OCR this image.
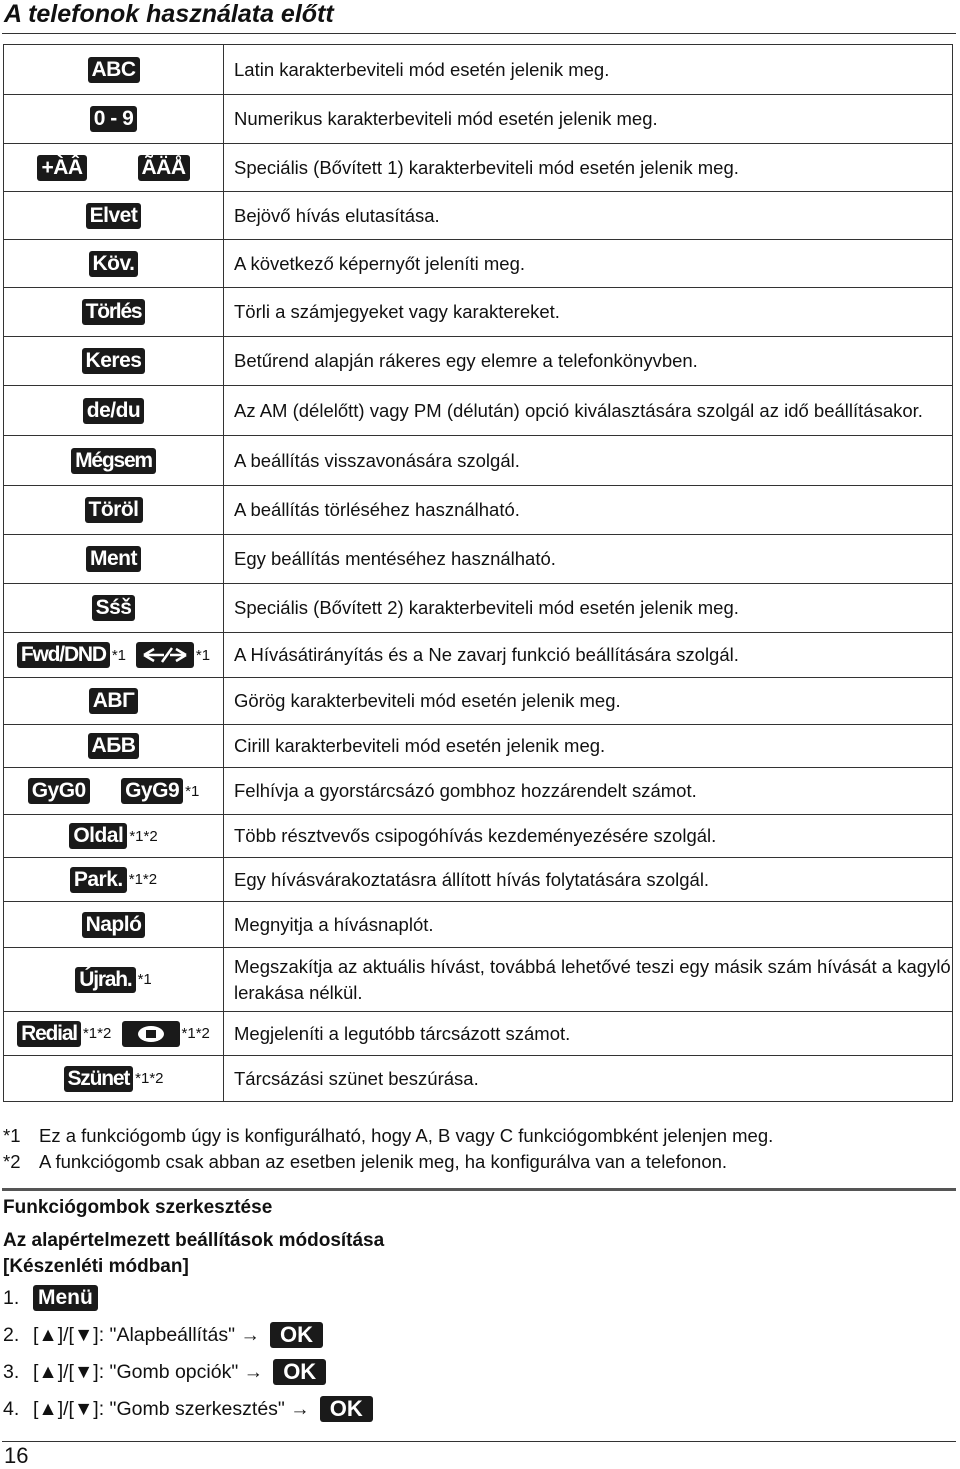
A telefonok használata előtt
ABC	Latin karakterbeviteli mód esetén jelenik meg.

0 - 9	Numerikus karakterbeviteli mód esetén jelenik meg.

+ÀÂ ÃÄÅ	Speciális (Bővített 1) karakterbeviteli mód esetén jelenik meg.

Elvet	Bejövő hívás elutasítása.

Köv.	A következő képernyőt jeleníti meg.

Törlés	Törli a számjegyeket vagy karaktereket.

Keres	Betűrend alapján rákeres egy elemre a telefonkönyvben.

de/du	Az AM (délelőtt) vagy PM (délután) opció kiválasztására szolgál az idő beállításakor.

Mégsem	A beállítás visszavonására szolgál.

Töröl	A beállítás törléséhez használható.

Ment	Egy beállítás mentéséhez használható.

Sśš	Speciális (Bővített 2) karakterbeviteli mód esetén jelenik meg.

Fwd/DND *1 *1	A Hívásátirányítás és a Ne zavarj funkció beállítására szolgál.

ΑΒΓ	Görög karakterbeviteli mód esetén jelenik meg.

АБВ	Cirill karakterbeviteli mód esetén jelenik meg.

GyG0 GyG9 *1	Felhívja a gyorstárcsázó gombhoz hozzárendelt számot.

Oldal *1*2	Több résztvevős csipogóhívás kezdeményezésére szolgál.

Park. *1*2	Egy hívásvárakoztatásra állított hívás folytatására szolgál.

Napló	Megnyitja a hívásnaplót.

Újrah. *1	Megszakítja az aktuális hívást, továbbá lehetővé teszi egy másik szám hívását a kagyló lerakása nélkül.

Redial *1*2 *1*2	Megjeleníti a legutóbb tárcsázott számot.

Szünet *1*2	Tárcsázási szünet beszúrása.
*1	Ez a funkciógomb úgy is konfigurálható, hogy A, B vagy C funkciógombként jelenjen meg.
*2	A funkciógomb csak abban az esetben jelenik meg, ha konfigurálva van a telefonon.
Funkciógombok szerkesztése
Az alapértelmezett beállítások módosítása
[Készenléti módban]
1. Menü
2. [▲]/[▼]: "Alapbeállítás" → OK
3. [▲]/[▼]: "Gomb opciók" → OK
4. [▲]/[▼]: "Gomb szerkesztés" → OK
16
